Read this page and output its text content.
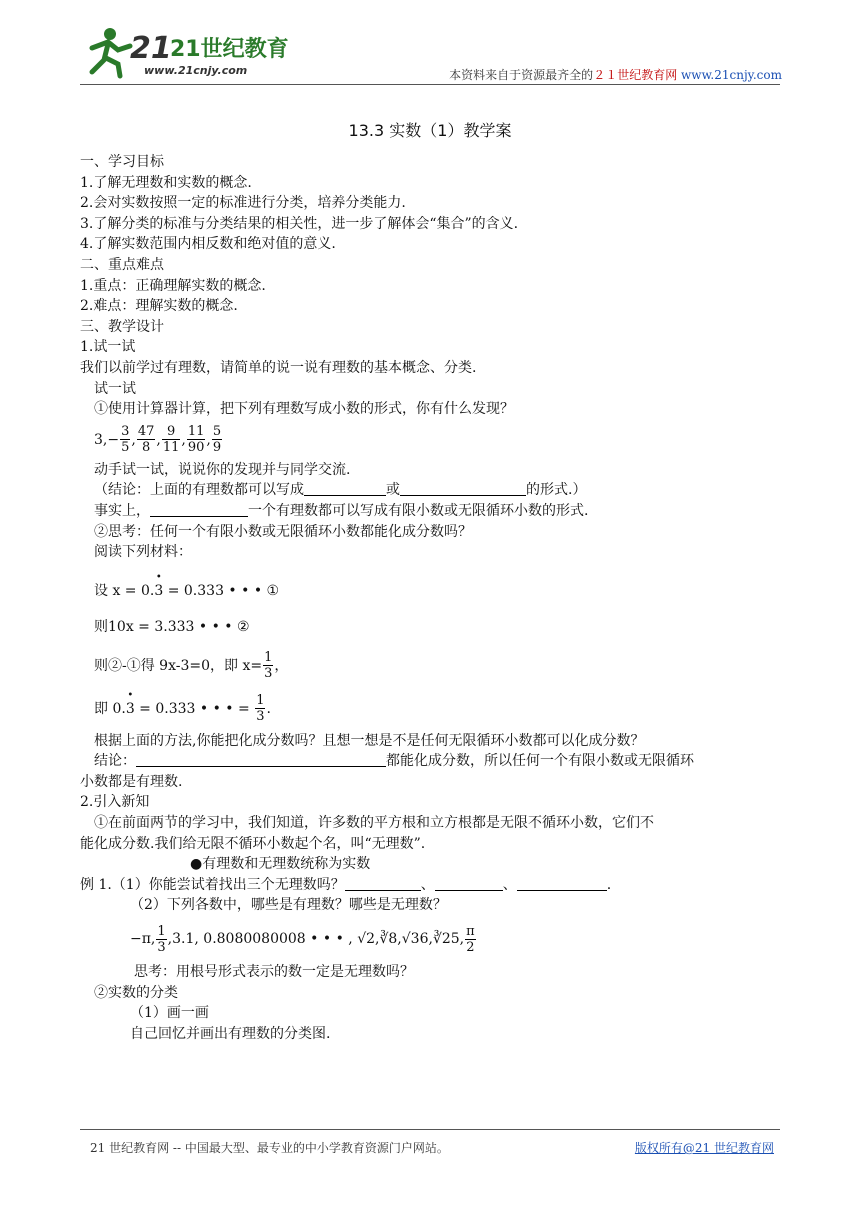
21
21世纪教育
www.21cnjy.com	本资料来自于资源最齐全的２１世纪教育网 www.21cnjy.com
13.3 实数（1）教学案
一、学习目标
1.了解无理数和实数的概念.
2.会对实数按照一定的标准进行分类，培养分类能力.
3.了解分类的标准与分类结果的相关性，进一步了解体会“集合”的含义.
4.了解实数范围内相反数和绝对值的意义.
二、重点难点
1.重点：正确理解实数的概念.
2.难点：理解实数的概念.
三、教学设计
1.试一试
我们以前学过有理数，请简单的说一说有理数的基本概念、分类.
试一试
①使用计算器计算，把下列有理数写成小数的形式，你有什么发现？
$3,- \frac{3}{5}$ , $\frac{47}{8}$ , $\frac{9}{11}$ , $\frac{11}{90}$ , $\frac{5}{9}$
动手试一试，说说你的发现并与同学交流.
（结论：上面的有理数都可以写成	或	的形式.）
事实上，	一个有理数都可以写成有限小数或无限循环小数的形式.
②思考：任何一个有限小数或无限循环小数都能化成分数吗？
阅读下列材料：
设 x = 0.• 3 = 0.333 • • • ①
则10x = 3.333 • • • ②
则②-①得 9x-3=0，即 $x= \frac{1}{3}$ ，
即 0.• 3 = 0.333 • • • = $\frac{1}{3}$ .
根据上面的方法,你能把化成分数吗？且想一想是不是任何无限循环小数都可以化成分数？
结论：	都能化成分数，所以任何一个有限小数或无限循环
小数都是有理数.
2.引入新知
①在前面两节的学习中，我们知道，许多数的平方根和立方根都是无限不循环小数，它们不
能化成分数.我们给无限不循环小数起个名，叫“无理数”.
●有理数和无理数统称为实数
例 1.（1）你能尝试着找出三个无理数吗？	、	、	.
（2）下列各数中，哪些是有理数？哪些是无理数？
−π, $\frac{1}{3} ,3.1$, 0.8080080008 • • • , √2,∛8,√36,∛25, $\frac{\pi}{2}$
思考：用根号形式表示的数一定是无理数吗？
②实数的分类
（1）画一画
自己回忆并画出有理数的分类图.
21 世纪教育网 -- 中国最大型、最专业的中小学教育资源门户网站。	版权所有@21 世纪教育网
